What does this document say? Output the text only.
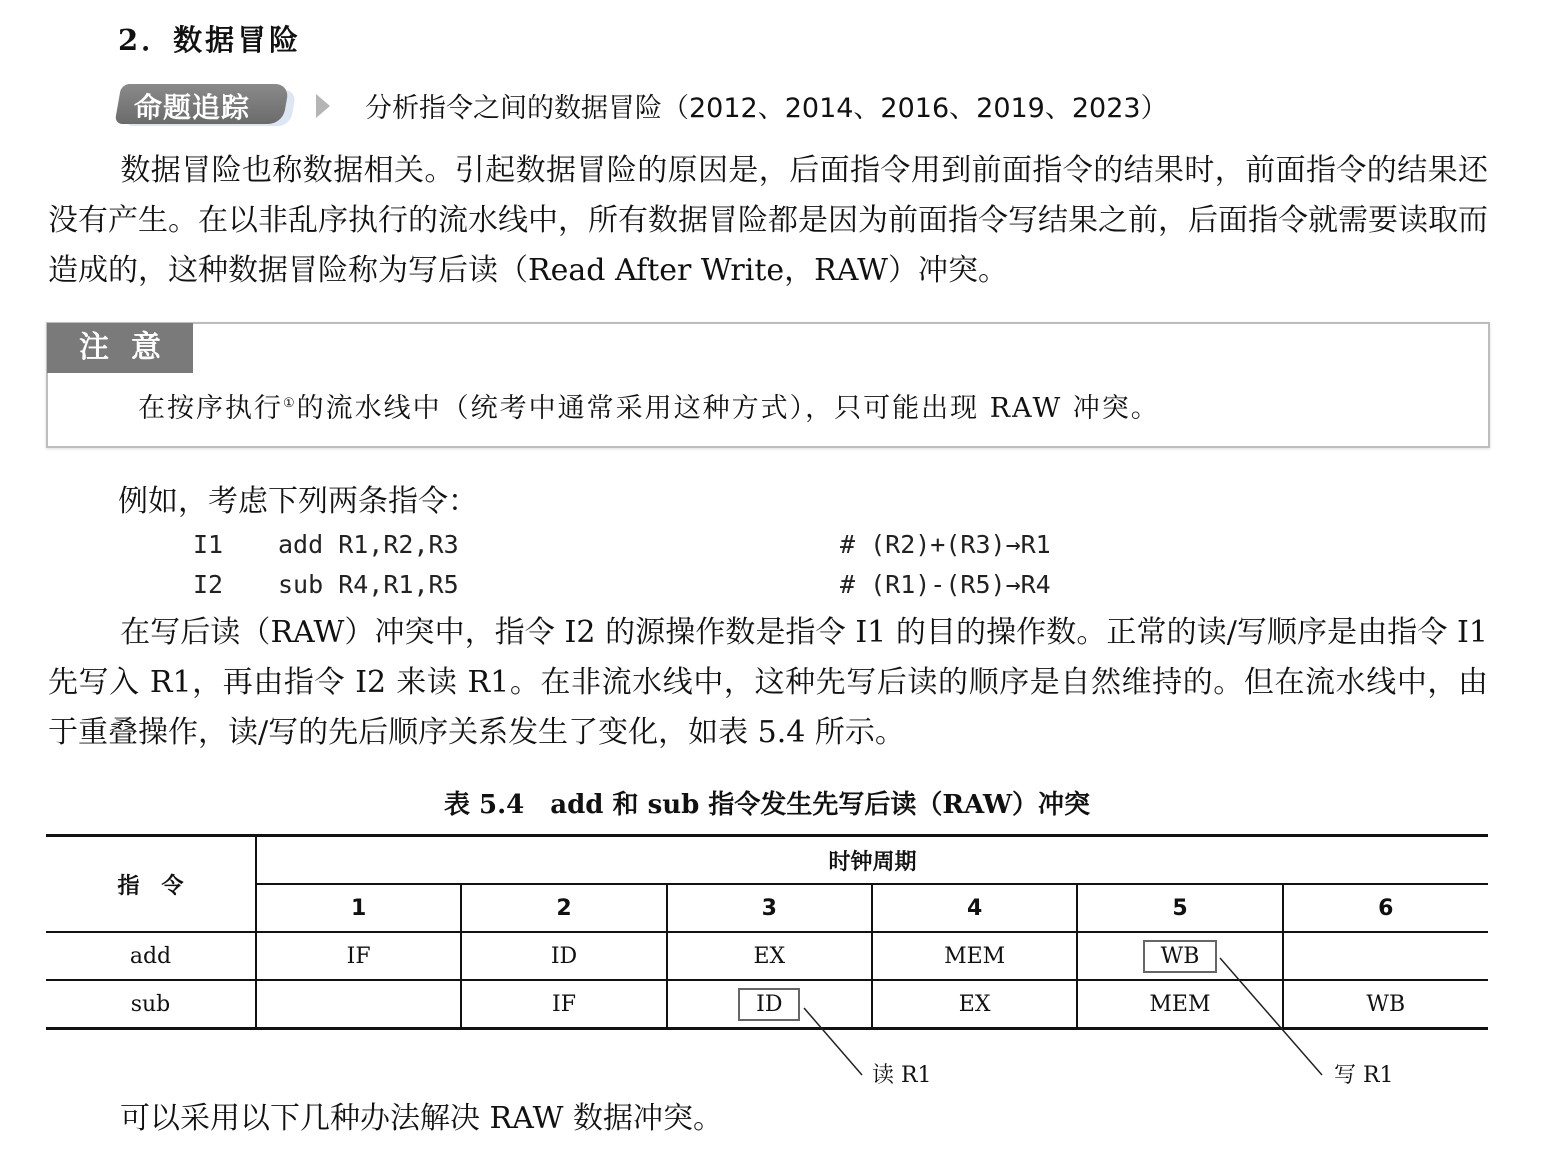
2．数据冒险
命题追踪	分析指令之间的数据冒险（2012、2014、2016、2019、2023）

数据冒险也称数据相关。引起数据冒险的原因是，后面指令用到前面指令的结果时，前面指令的结果还没有产生。在以非乱序执行的流水线中，所有数据冒险都是因为前面指令写结果之前，后面指令就需要读取而造成的，这种数据冒险称为写后读（Read After Write，RAW）冲突。

注意
在按序执行①的流水线中（统考中通常采用这种方式），只可能出现 RAW 冲突。
例如，考虑下列两条指令：
I1 add R1,R2,R3	# (R2)+(R3)→R1
I2 sub R4,R1,R5	# (R1)-(R5)→R4

在写后读（RAW）冲突中，指令 I2 的源操作数是指令 I1 的目的操作数。正常的读/写顺序是由指令 I1 先写入 R1，再由指令 I2 来读 R1。在非流水线中，这种先写后读的顺序是自然维持的。但在流水线中，由于重叠操作，读/写的先后顺序关系发生了变化，如表 5.4 所示。

表 5.4　add 和 sub 指令发生先写后读（RAW）冲突
指　令	时钟周期					
	1	2	3	4	5	6
add	IF	ID	EX	MEM	WB	
sub		IF	ID	EX	MEM	WB
读 R1	写 R1

可以采用以下几种办法解决 RAW 数据冲突。
